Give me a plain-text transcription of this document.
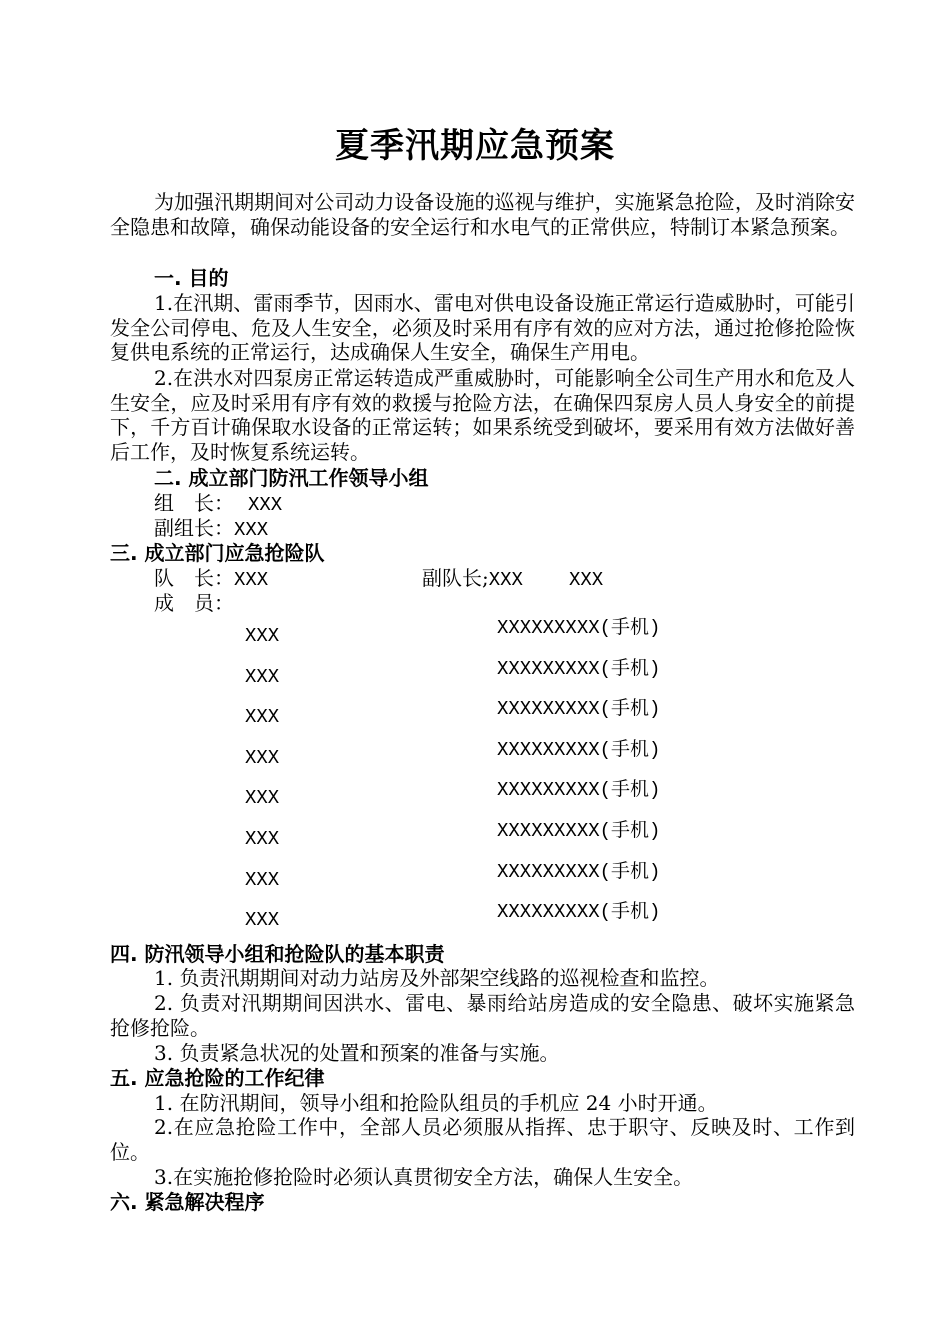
夏季汛期应急预案
为加强汛期期间对公司动力设备设施的巡视与维护，实施紧急抢险，及时消除安全隐患和故障，确保动能设备的安全运行和水电气的正常供应，特制订本紧急预案。
一. 目的
1.在汛期、雷雨季节，因雨水、雷电对供电设备设施正常运行造威胁时，可能引发全公司停电、危及人生安全，必须及时采用有序有效的应对方法，通过抢修抢险恢复供电系统的正常运行，达成确保人生安全，确保生产用电。
2.在洪水对四泵房正常运转造成严重威胁时，可能影响全公司生产用水和危及人生安全，应及时采用有序有效的救援与抢险方法，在确保四泵房人员人身安全的前提下，千方百计确保取水设备的正常运转；如果系统受到破坏，要采用有效方法做好善后工作，及时恢复系统运转。
二. 成立部门防汛工作领导小组
组　长： XXX
副组长：XXX
三. 成立部门应急抢险队
队　长：XXX	副队长;XXX XXX
成　员：
XXX	XXXXXXXXX(手机)
XXX	XXXXXXXXX(手机)
XXX	XXXXXXXXX(手机)
XXX	XXXXXXXXX(手机)
XXX	XXXXXXXXX(手机)
XXX	XXXXXXXXX(手机)
XXX	XXXXXXXXX(手机)
XXX	XXXXXXXXX(手机)
四. 防汛领导小组和抢险队的基本职责
1. 负责汛期期间对动力站房及外部架空线路的巡视检查和监控。
2. 负责对汛期期间因洪水、雷电、暴雨给站房造成的安全隐患、破坏实施紧急抢修抢险。
3. 负责紧急状况的处置和预案的准备与实施。
五. 应急抢险的工作纪律
1. 在防汛期间，领导小组和抢险队组员的手机应 24 小时开通。
2.在应急抢险工作中，全部人员必须服从指挥、忠于职守、反映及时、工作到位。
3.在实施抢修抢险时必须认真贯彻安全方法，确保人生安全。
六. 紧急解决程序
